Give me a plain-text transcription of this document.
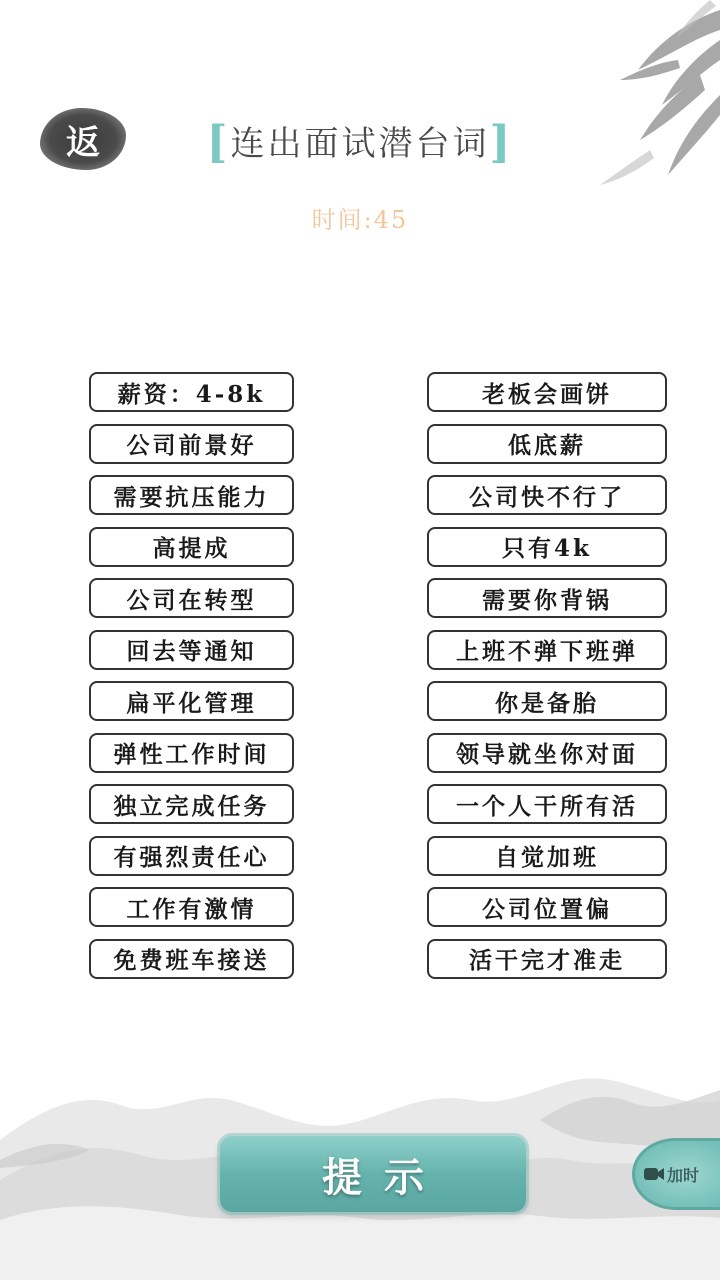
返	[连出面试潜台词]
时间:45
薪资：4-8k
公司前景好
需要抗压能力
高提成
公司在转型
回去等通知
扁平化管理
弹性工作时间
独立完成任务
有强烈责任心
工作有激情
免费班车接送
老板会画饼
低底薪
公司快不行了
只有4k
需要你背锅
上班不弹下班弹
你是备胎
领导就坐你对面
一个人干所有活
自觉加班
公司位置偏
活干完才准走
提示	加时
